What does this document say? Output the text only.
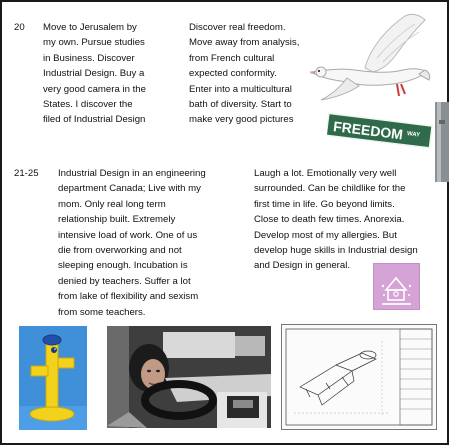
20 Move to Jerusalem by
my own. Pursue studies
in Business. Discover
Industrial Design. Buy a
very good camera in the
States. I discover the
filed of Industrial Design
Discover real freedom.
Move away from analysis,
from French cultural
expected conformity.
Enter into a multicultural
bath of diversity. Start to
make very good pictures	FREEDOM WAY
21-25 Industrial Design in an engineering
department Canada; Live with my
mom. Only real long term
relationship built. Extremely
intensive load of work. One of us
die from overworking and not
sleeping enough. Incubation is
denied by teachers. Suffer a lot
from lake of flexibility and sexism
from some teachers.
Laugh a lot. Emotionally very well
surrounded. Can be childlike for the
first time in life. Go beyond limits.
Close to death few times. Anorexia.
Develop most of my allergies. But
develop huge skills in Industrial design
and Design in general.
